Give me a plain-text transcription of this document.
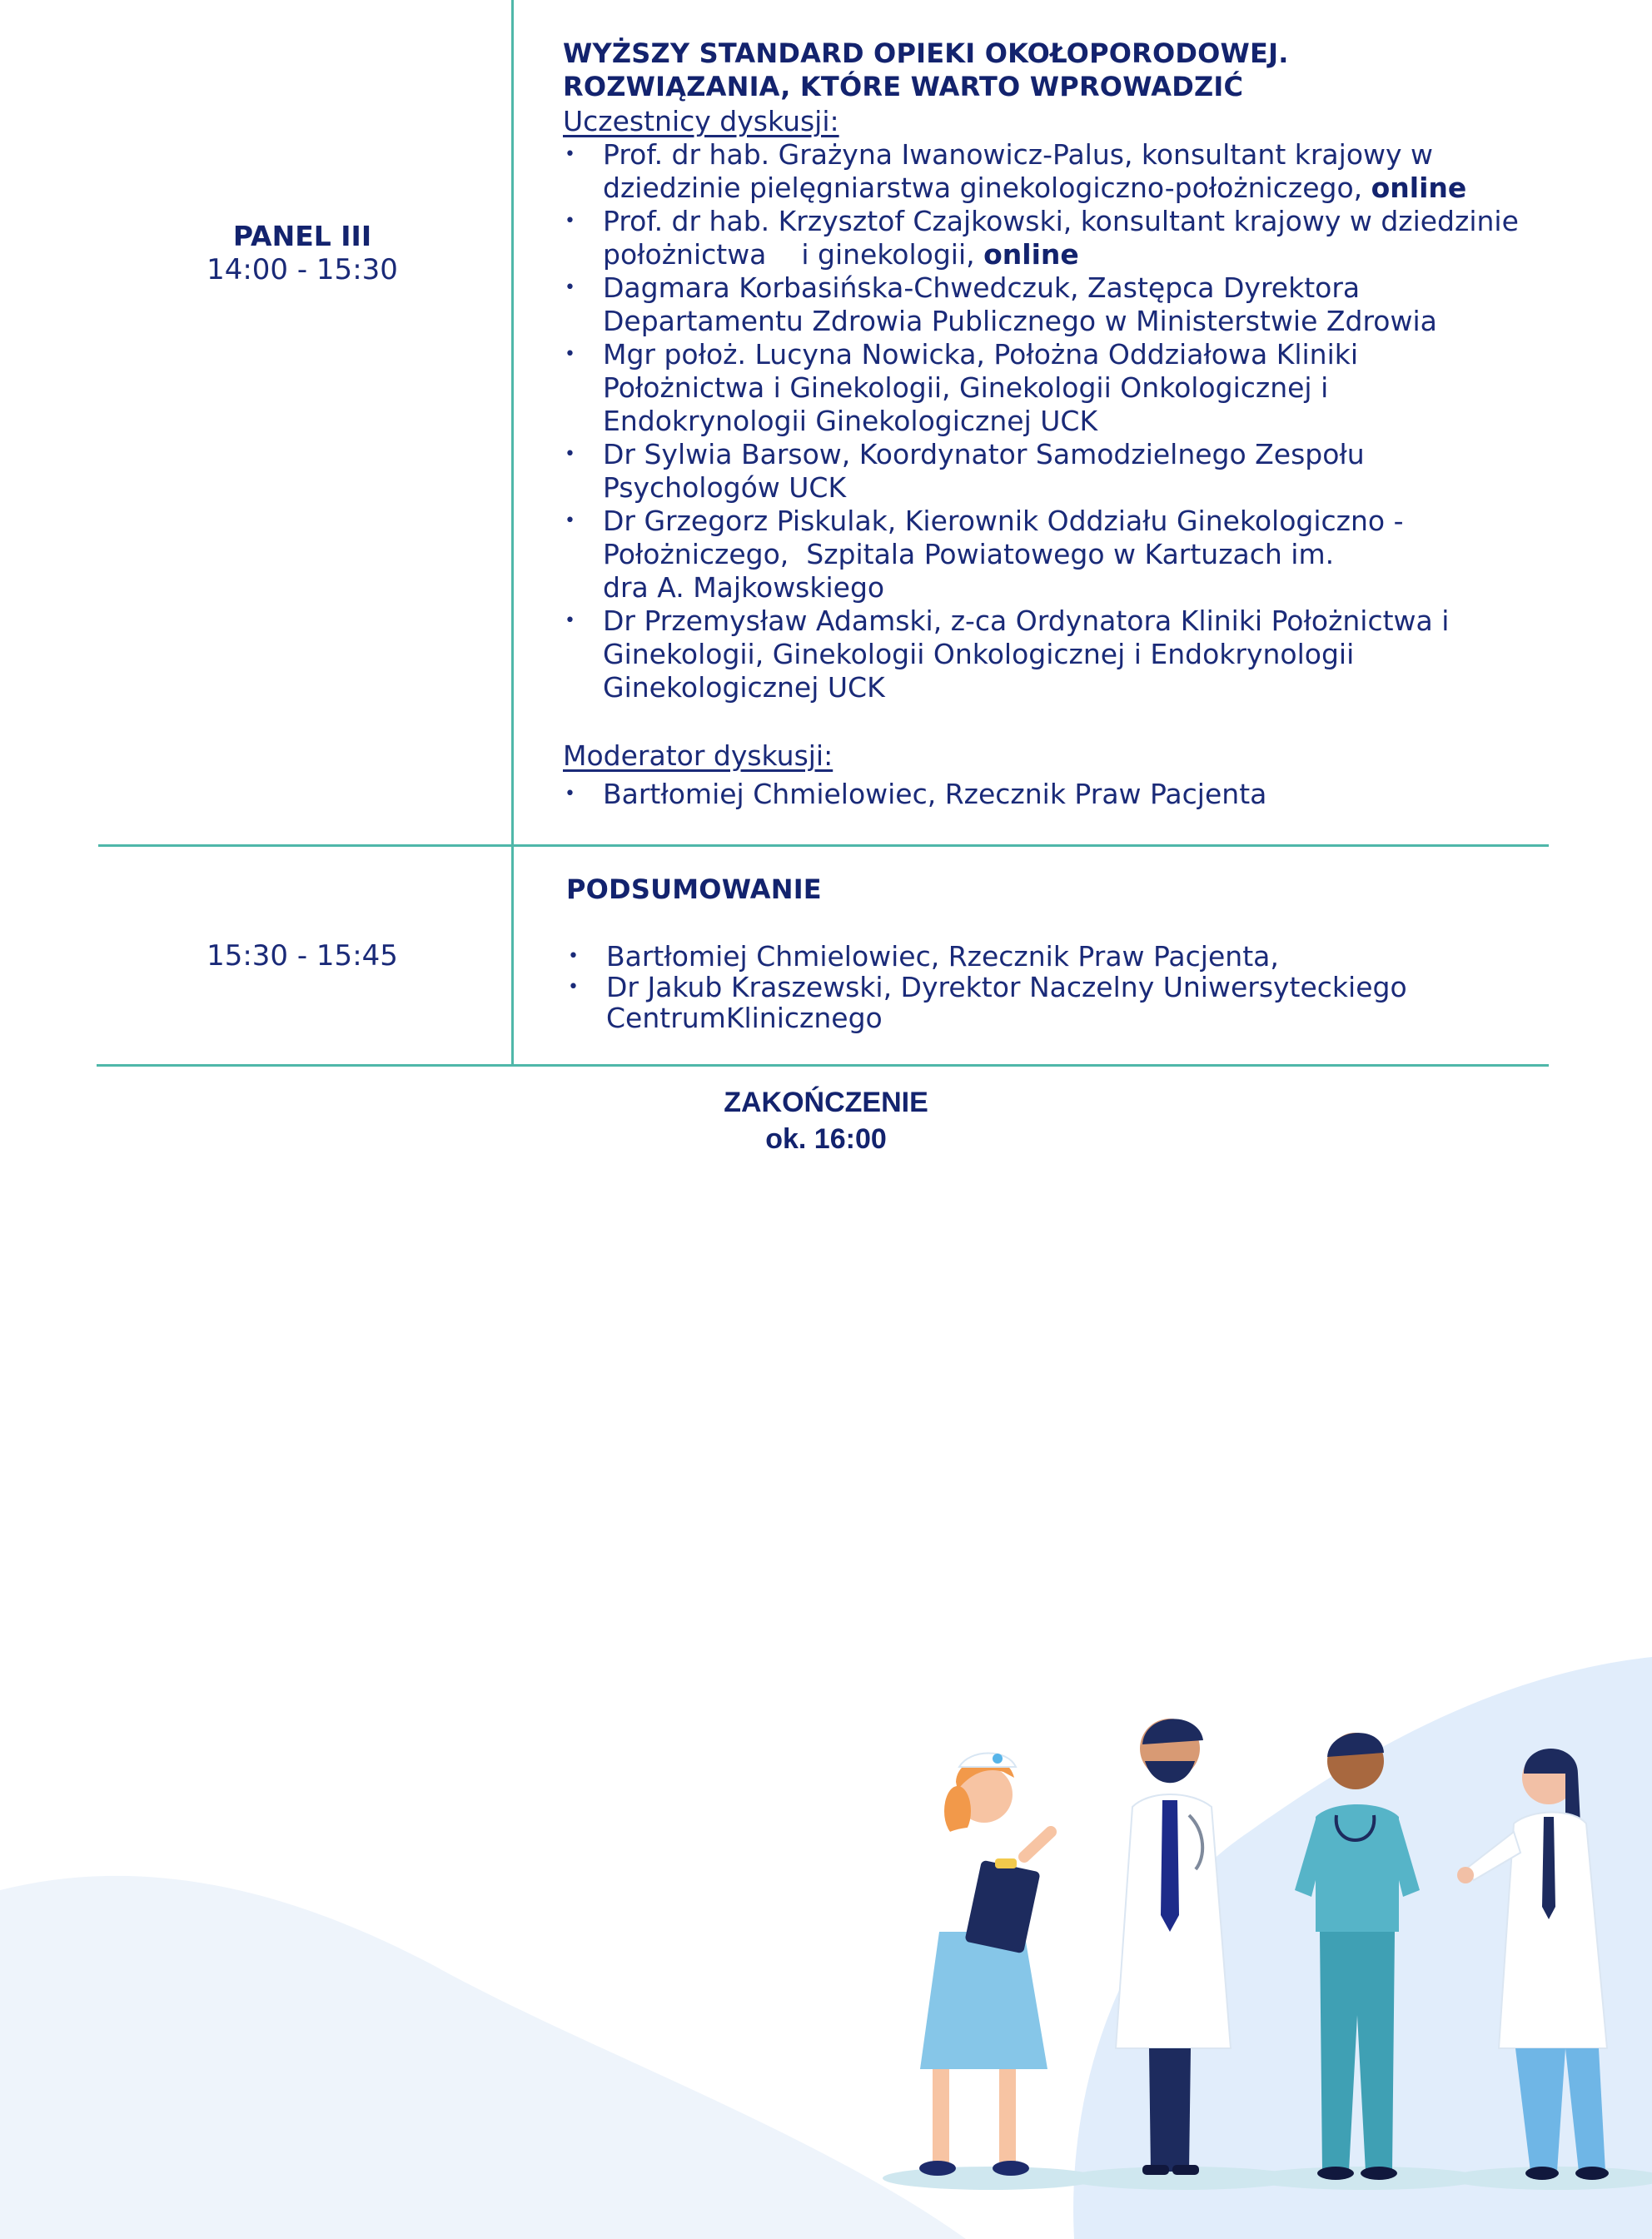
PANEL III
14:00 - 15:30
WYŻSZY STANDARD OPIEKI OKOŁOPORODOWEJ.
ROZWIĄZANIA, KTÓRE WARTO WPROWADZIĆ
Uczestnicy dyskusji:
• Prof. dr hab. Grażyna Iwanowicz-Palus, konsultant krajowy w
dziedzinie pielęgniarstwa ginekologiczno-położniczego, online
• Prof. dr hab. Krzysztof Czajkowski, konsultant krajowy w dziedzinie
położnictwa    i ginekologii, online
• Dagmara Korbasińska-Chwedczuk, Zastępca Dyrektora
Departamentu Zdrowia Publicznego w Ministerstwie Zdrowia
• Mgr położ. Lucyna Nowicka, Położna Oddziałowa Kliniki
Położnictwa i Ginekologii, Ginekologii Onkologicznej i
Endokrynologii Ginekologicznej UCK
• Dr Sylwia Barsow, Koordynator Samodzielnego Zespołu
Psychologów UCK
• Dr Grzegorz Piskulak, Kierownik Oddziału Ginekologiczno -
Położniczego,  Szpitala Powiatowego w Kartuzach im.
dra A. Majkowskiego
• Dr Przemysław Adamski, z-ca Ordynatora Kliniki Położnictwa i
Ginekologii, Ginekologii Onkologicznej i Endokrynologii
Ginekologicznej UCK
Moderator dyskusji:
• Bartłomiej Chmielowiec, Rzecznik Praw Pacjenta
15:30 - 15:45
PODSUMOWANIE
• Bartłomiej Chmielowiec, Rzecznik Praw Pacjenta,
• Dr Jakub Kraszewski, Dyrektor Naczelny Uniwersyteckiego
CentrumKlinicznego
ZAKOŃCZENIE
ok. 16:00
